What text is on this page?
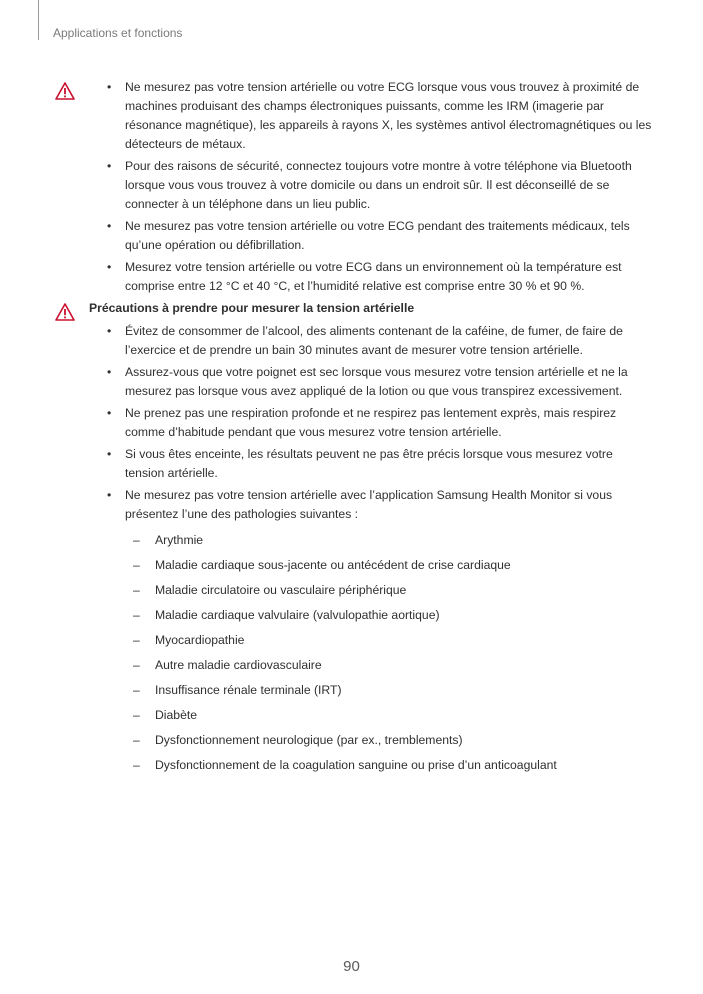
Applications et fonctions
• Ne mesurez pas votre tension artérielle ou votre ECG lorsque vous vous trouvez à proximité de machines produisant des champs électroniques puissants, comme les IRM (imagerie par résonance magnétique), les appareils à rayons X, les systèmes antivol électromagnétiques ou les détecteurs de métaux.
• Pour des raisons de sécurité, connectez toujours votre montre à votre téléphone via Bluetooth lorsque vous vous trouvez à votre domicile ou dans un endroit sûr. Il est déconseillé de se connecter à un téléphone dans un lieu public.
• Ne mesurez pas votre tension artérielle ou votre ECG pendant des traitements médicaux, tels qu’une opération ou défibrillation.
• Mesurez votre tension artérielle ou votre ECG dans un environnement où la température est comprise entre 12 °C et 40 °C, et l’humidité relative est comprise entre 30 % et 90 %.
Précautions à prendre pour mesurer la tension artérielle
• Évitez de consommer de l’alcool, des aliments contenant de la caféine, de fumer, de faire de l’exercice et de prendre un bain 30 minutes avant de mesurer votre tension artérielle.
• Assurez-vous que votre poignet est sec lorsque vous mesurez votre tension artérielle et ne la mesurez pas lorsque vous avez appliqué de la lotion ou que vous transpirez excessivement.
• Ne prenez pas une respiration profonde et ne respirez pas lentement exprès, mais respirez comme d’habitude pendant que vous mesurez votre tension artérielle.
• Si vous êtes enceinte, les résultats peuvent ne pas être précis lorsque vous mesurez votre tension artérielle.
• Ne mesurez pas votre tension artérielle avec l’application Samsung Health Monitor si vous présentez l’une des pathologies suivantes :
– Arythmie
– Maladie cardiaque sous-jacente ou antécédent de crise cardiaque
– Maladie circulatoire ou vasculaire périphérique
– Maladie cardiaque valvulaire (valvulopathie aortique)
– Myocardiopathie
– Autre maladie cardiovasculaire
– Insuffisance rénale terminale (IRT)
– Diabète
– Dysfonctionnement neurologique (par ex., tremblements)
– Dysfonctionnement de la coagulation sanguine ou prise d’un anticoagulant
90
